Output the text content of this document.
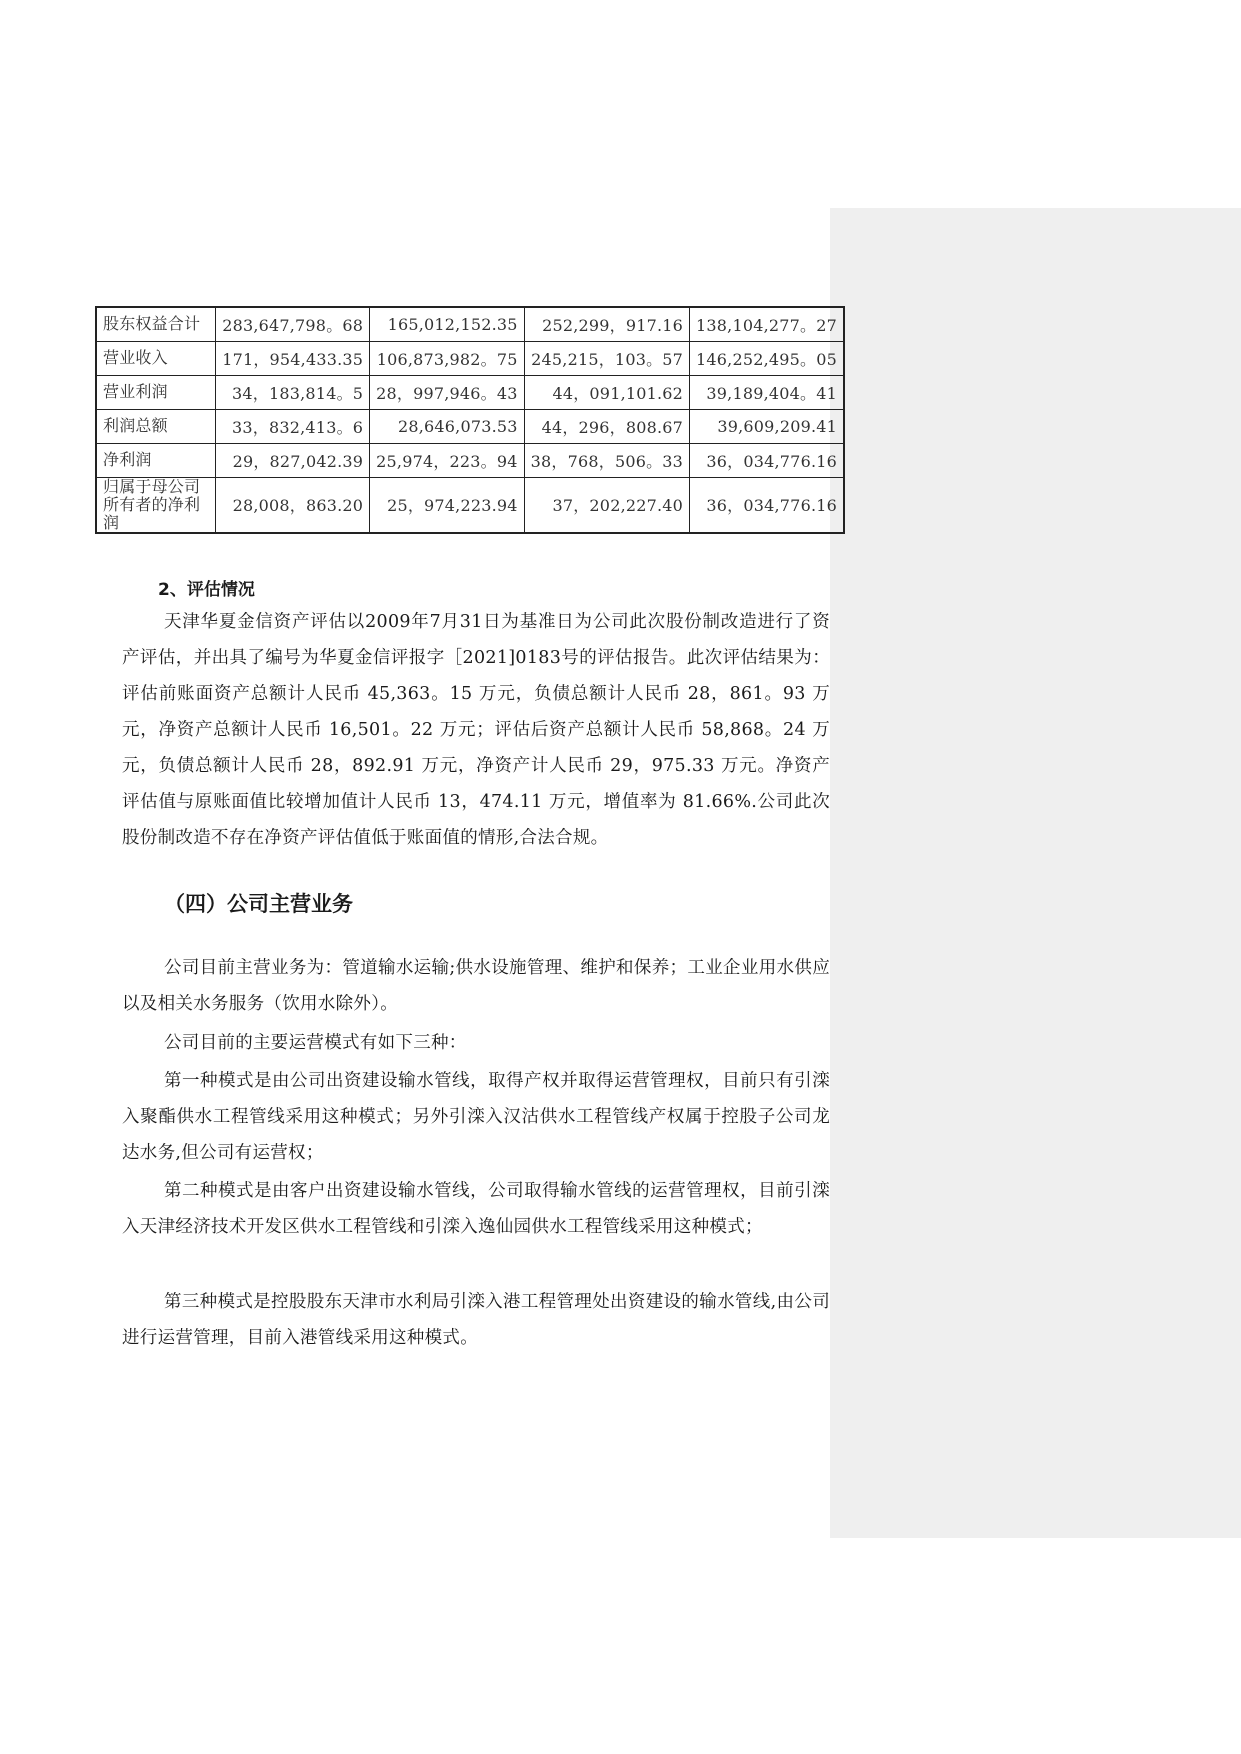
股东权益合计	283,647,798。68	165,012,152.35	252,299，917.16	138,104,277。27
营业收入	171，954,433.35	106,873,982。75	245,215，103。57	146,252,495。05
营业利润	34，183,814。5	28，997,946。43	44，091,101.62	39,189,404。41
利润总额	33，832,413。6	28,646,073.53	44，296，808.67	39,609,209.41
净利润	29，827,042.39	25,974，223。94	38，768，506。33	36，034,776.16
归属于母公司所有者的净利润	28,008，863.20	25，974,223.94	37，202,227.40	36，034,776.16
2、评估情况

天津华夏金信资产评估以2009年7月31日为基准日为公司此次股份制改造进行了资产评估，并出具了编号为华夏金信评报字［2021]0183号的评估报告。此次评估结果为：评估前账面资产总额计人民币 45,363。15 万元，负债总额计人民币 28，861。93 万元，净资产总额计人民币 16,501。22 万元；评估后资产总额计人民币 58,868。24 万元，负债总额计人民币 28，892.91 万元，净资产计人民币 29，975.33 万元。净资产评估值与原账面值比较增加值计人民币 13，474.11 万元，增值率为 81.66%.公司此次股份制改造不存在净资产评估值低于账面值的情形,合法合规。

（四）公司主营业务

公司目前主营业务为：管道输水运输;供水设施管理、维护和保养；工业企业用水供应以及相关水务服务（饮用水除外）。

公司目前的主要运营模式有如下三种：

第一种模式是由公司出资建设输水管线，取得产权并取得运营管理权，目前只有引滦入聚酯供水工程管线采用这种模式；另外引滦入汉沽供水工程管线产权属于控股子公司龙达水务,但公司有运营权；

第二种模式是由客户出资建设输水管线，公司取得输水管线的运营管理权，目前引滦入天津经济技术开发区供水工程管线和引滦入逸仙园供水工程管线采用这种模式；

第三种模式是控股股东天津市水利局引滦入港工程管理处出资建设的输水管线,由公司进行运营管理，目前入港管线采用这种模式。
